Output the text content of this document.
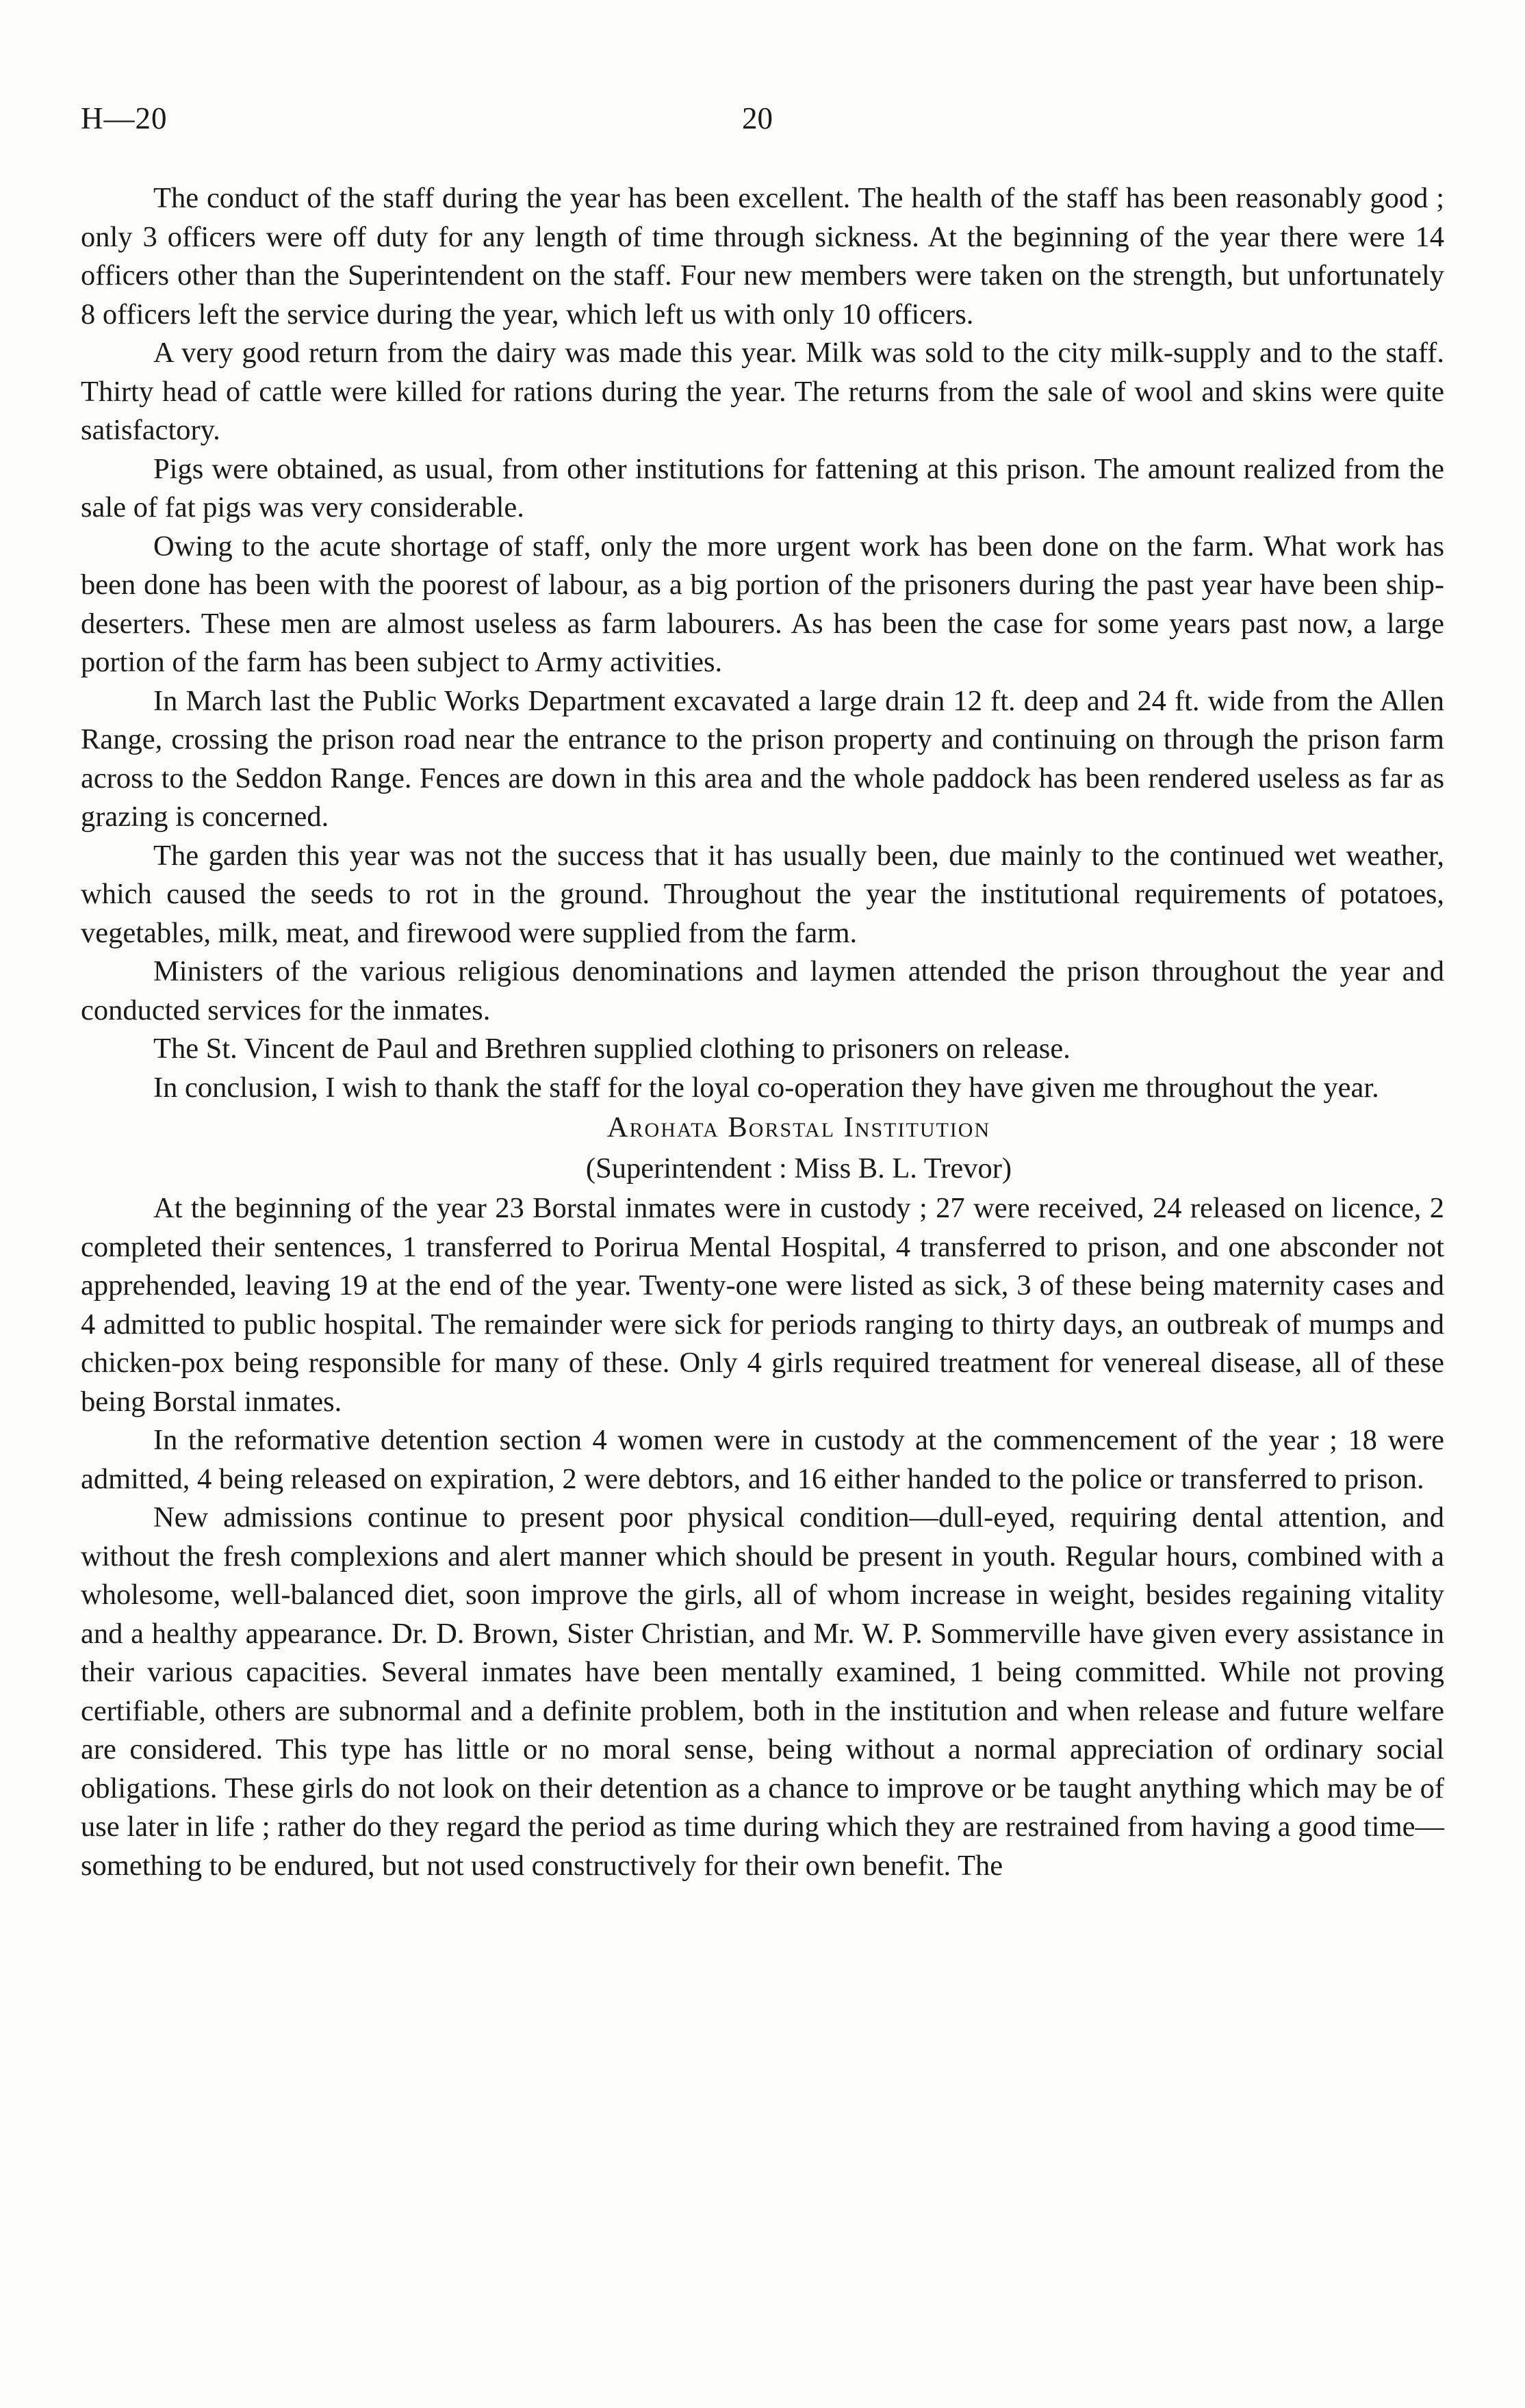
H—20	20

The conduct of the staff during the year has been excellent. The health of the staff has been reasonably good ; only 3 officers were off duty for any length of time through sickness. At the beginning of the year there were 14 officers other than the Superintendent on the staff. Four new members were taken on the strength, but unfortunately 8 officers left the service during the year, which left us with only 10 officers.

A very good return from the dairy was made this year. Milk was sold to the city milk-supply and to the staff. Thirty head of cattle were killed for rations during the year. The returns from the sale of wool and skins were quite satisfactory.

Pigs were obtained, as usual, from other institutions for fattening at this prison. The amount realized from the sale of fat pigs was very considerable.

Owing to the acute shortage of staff, only the more urgent work has been done on the farm. What work has been done has been with the poorest of labour, as a big portion of the prisoners during the past year have been ship-deserters. These men are almost useless as farm labourers. As has been the case for some years past now, a large portion of the farm has been subject to Army activities.

In March last the Public Works Department excavated a large drain 12 ft. deep and 24 ft. wide from the Allen Range, crossing the prison road near the entrance to the prison property and continuing on through the prison farm across to the Seddon Range. Fences are down in this area and the whole paddock has been rendered useless as far as grazing is concerned.

The garden this year was not the success that it has usually been, due mainly to the continued wet weather, which caused the seeds to rot in the ground. Throughout the year the institutional requirements of potatoes, vegetables, milk, meat, and firewood were supplied from the farm.

Ministers of the various religious denominations and laymen attended the prison throughout the year and conducted services for the inmates.

The St. Vincent de Paul and Brethren supplied clothing to prisoners on release.

In conclusion, I wish to thank the staff for the loyal co-operation they have given me throughout the year.

Arohata Borstal Institution

(Superintendent : Miss B. L. Trevor)

At the beginning of the year 23 Borstal inmates were in custody ; 27 were received, 24 released on licence, 2 completed their sentences, 1 transferred to Porirua Mental Hospital, 4 transferred to prison, and one absconder not apprehended, leaving 19 at the end of the year. Twenty-one were listed as sick, 3 of these being maternity cases and 4 admitted to public hospital. The remainder were sick for periods ranging to thirty days, an outbreak of mumps and chicken-pox being responsible for many of these. Only 4 girls required treatment for venereal disease, all of these being Borstal inmates.

In the reformative detention section 4 women were in custody at the commencement of the year ; 18 were admitted, 4 being released on expiration, 2 were debtors, and 16 either handed to the police or transferred to prison.

New admissions continue to present poor physical condition—dull-eyed, requiring dental attention, and without the fresh complexions and alert manner which should be present in youth. Regular hours, combined with a wholesome, well-balanced diet, soon improve the girls, all of whom increase in weight, besides regaining vitality and a healthy appearance. Dr. D. Brown, Sister Christian, and Mr. W. P. Sommerville have given every assistance in their various capacities. Several inmates have been mentally examined, 1 being committed. While not proving certifiable, others are subnormal and a definite problem, both in the institution and when release and future welfare are considered. This type has little or no moral sense, being without a normal appreciation of ordinary social obligations. These girls do not look on their detention as a chance to improve or be taught anything which may be of use later in life ; rather do they regard the period as time during which they are restrained from having a good time—something to be endured, but not used constructively for their own benefit. The
